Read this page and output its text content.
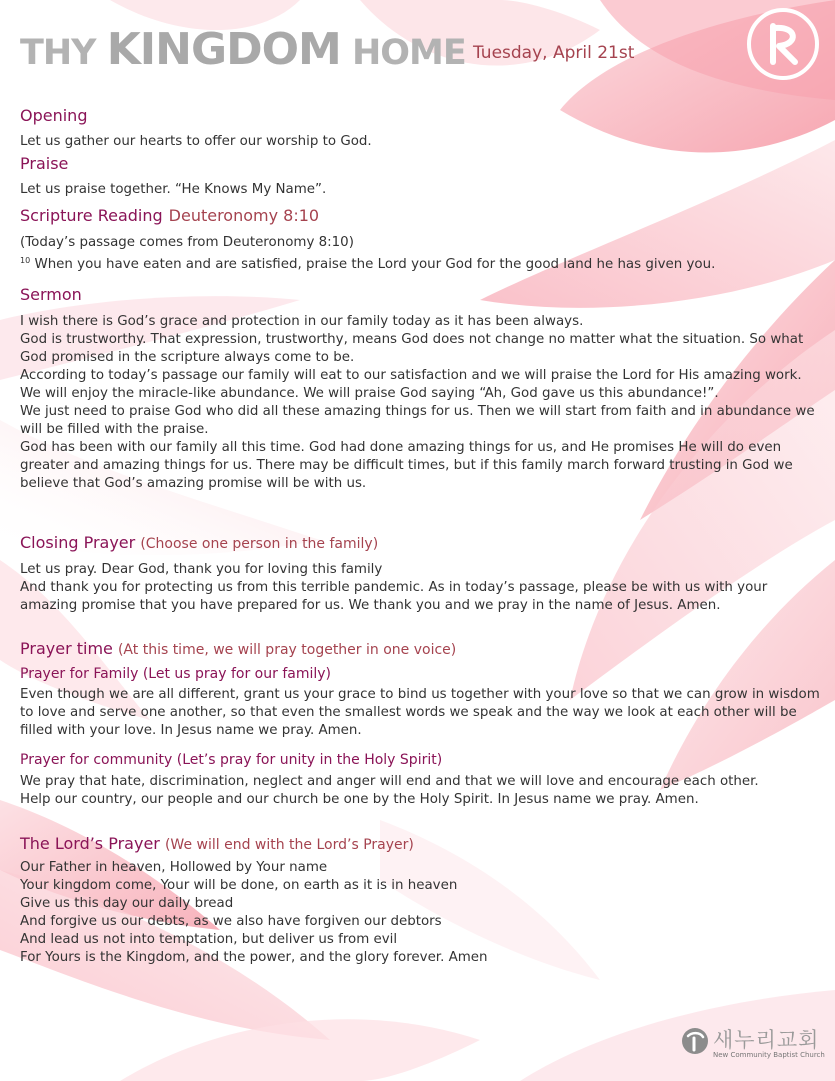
THY KINGDOM HOME Tuesday, April 21st
Opening

Let us gather our hearts to offer our worship to God.

Praise

Let us praise together. “He Knows My Name”.

Scripture Reading Deuteronomy 8:10

(Today’s passage comes from Deuteronomy 8:10)
$^{10}$ When you have eaten and are satisfied, praise the Lord your God for the good land he has given you.

Sermon
I wish there is God’s grace and protection in our family today as it has been always.
God is trustworthy. That expression, trustworthy, means God does not change no matter what the situation. So what God promised in the scripture always come to be.
According to today’s passage our family will eat to our satisfaction and we will praise the Lord for His amazing work.
We will enjoy the miracle-like abundance. We will praise God saying “Ah, God gave us this abundance!”.
We just need to praise God who did all these amazing things for us. Then we will start from faith and in abundance we will be filled with the praise.
God has been with our family all this time. God had done amazing things for us, and He promises He will do even greater and amazing things for us. There may be difficult times, but if this family march forward trusting in God we believe that God’s amazing promise will be with us.
Closing Prayer (Choose one person in the family)
Let us pray. Dear God, thank you for loving this family
And thank you for protecting us from this terrible pandemic. As in today’s passage, please be with us with your amazing promise that you have prepared for us. We thank you and we pray in the name of Jesus. Amen.
Prayer time (At this time, we will pray together in one voice)
Prayer for Family (Let us pray for our family)
Even though we are all different, grant us your grace to bind us together with your love so that we can grow in wisdom to love and serve one another, so that even the smallest words we speak and the way we look at each other will be filled with your love. In Jesus name we pray. Amen.
Prayer for community (Let’s pray for unity in the Holy Spirit)
We pray that hate, discrimination, neglect and anger will end and that we will love and encourage each other.
Help our country, our people and our church be one by the Holy Spirit. In Jesus name we pray. Amen.
The Lord’s Prayer (We will end with the Lord’s Prayer)
Our Father in heaven, Hollowed by Your name
Your kingdom come, Your will be done, on earth as it is in heaven
Give us this day our daily bread
And forgive us our debts, as we also have forgiven our debtors
And lead us not into temptation, but deliver us from evil
For Yours is the Kingdom, and the power, and the glory forever. Amen
새누리교회
New Community Baptist Church
